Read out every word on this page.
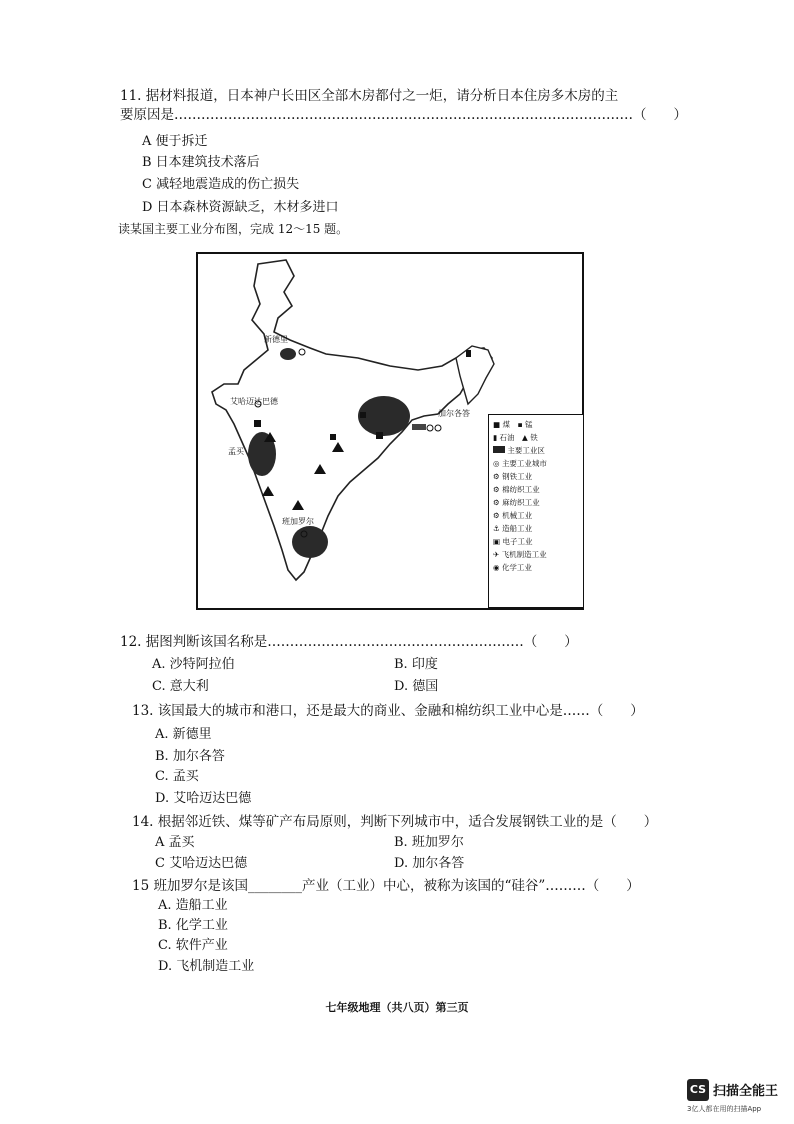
11. 据材料报道，日本神户长田区全部木房都付之一炬，请分析日本住房多木房的主
要原因是…………………………………………………………………………………………（　　）
A 便于拆迁
B 日本建筑技术落后
C 减轻地震造成的伤亡损失
D 日本森林资源缺乏，木材多进口
读某国主要工业分布图，完成 12～15 题。
新德里
艾哈迈达巴德
加尔各答
孟买
班加罗尔
■ 煤　 ▪ 锰
▮ 石油　 ▲ 铁
主要工业区
◎ 主要工业城市
⚙ 钢铁工业
⚙ 棉纺织工业
⚙ 麻纺织工业
⚙ 机械工业
⚓ 造船工业
▣ 电子工业
✈ 飞机制造工业
◉ 化学工业
12. 据图判断该国名称是…………………………………………………（　　）
A. 沙特阿拉伯	B. 印度
C. 意大利	D. 德国
13. 该国最大的城市和港口，还是最大的商业、金融和棉纺织工业中心是……（　　）
A. 新德里
B. 加尔各答
C. 孟买
D. 艾哈迈达巴德
14. 根据邻近铁、煤等矿产布局原则，判断下列城市中，适合发展钢铁工业的是（　　）
A 孟买	B. 班加罗尔
C 艾哈迈达巴德	D. 加尔各答
15 班加罗尔是该国________产业（工业）中心，被称为该国的“硅谷”………（　　）
A. 造船工业
B. 化学工业
C. 软件产业
D. 飞机制造工业
七年级地理（共八页）第三页
CS 扫描全能王
3亿人都在用的扫描App
